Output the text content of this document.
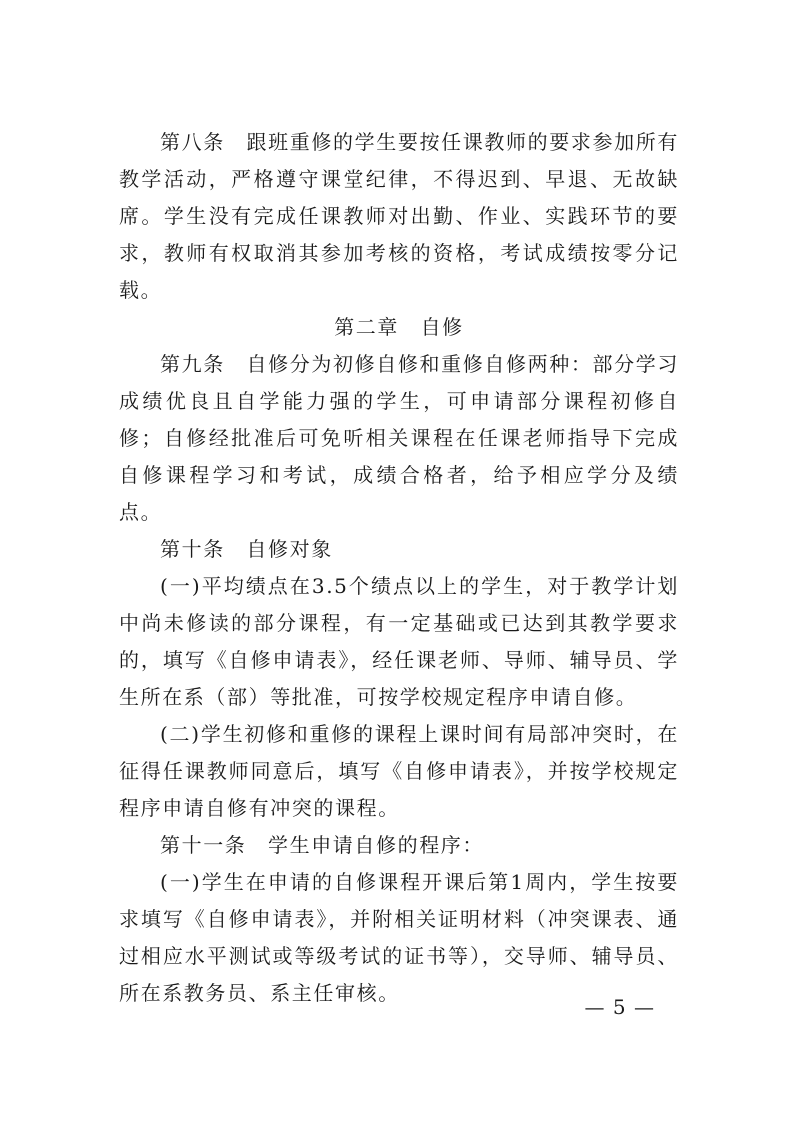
第八条　跟班重修的学生要按任课教师的要求参加所有教学活动，严格遵守课堂纪律，不得迟到、早退、无故缺席。学生没有完成任课教师对出勤、作业、实践环节的要求，教师有权取消其参加考核的资格，考试成绩按零分记载。

第二章　自修

第九条　自修分为初修自修和重修自修两种：部分学习成绩优良且自学能力强的学生，可申请部分课程初修自修；自修经批准后可免听相关课程在任课老师指导下完成自修课程学习和考试，成绩合格者，给予相应学分及绩点。

第十条　自修对象

(一)平均绩点在3.5个绩点以上的学生，对于教学计划中尚未修读的部分课程，有一定基础或已达到其教学要求的，填写《自修申请表》，经任课老师、导师、辅导员、学生所在系（部）等批准，可按学校规定程序申请自修。

(二)学生初修和重修的课程上课时间有局部冲突时，在征得任课教师同意后，填写《自修申请表》，并按学校规定程序申请自修有冲突的课程。

第十一条　学生申请自修的程序：

(一)学生在申请的自修课程开课后第1周内，学生按要求填写《自修申请表》，并附相关证明材料（冲突课表、通过相应水平测试或等级考试的证书等），交导师、辅导员、所在系教务员、系主任审核。

— 5 —
